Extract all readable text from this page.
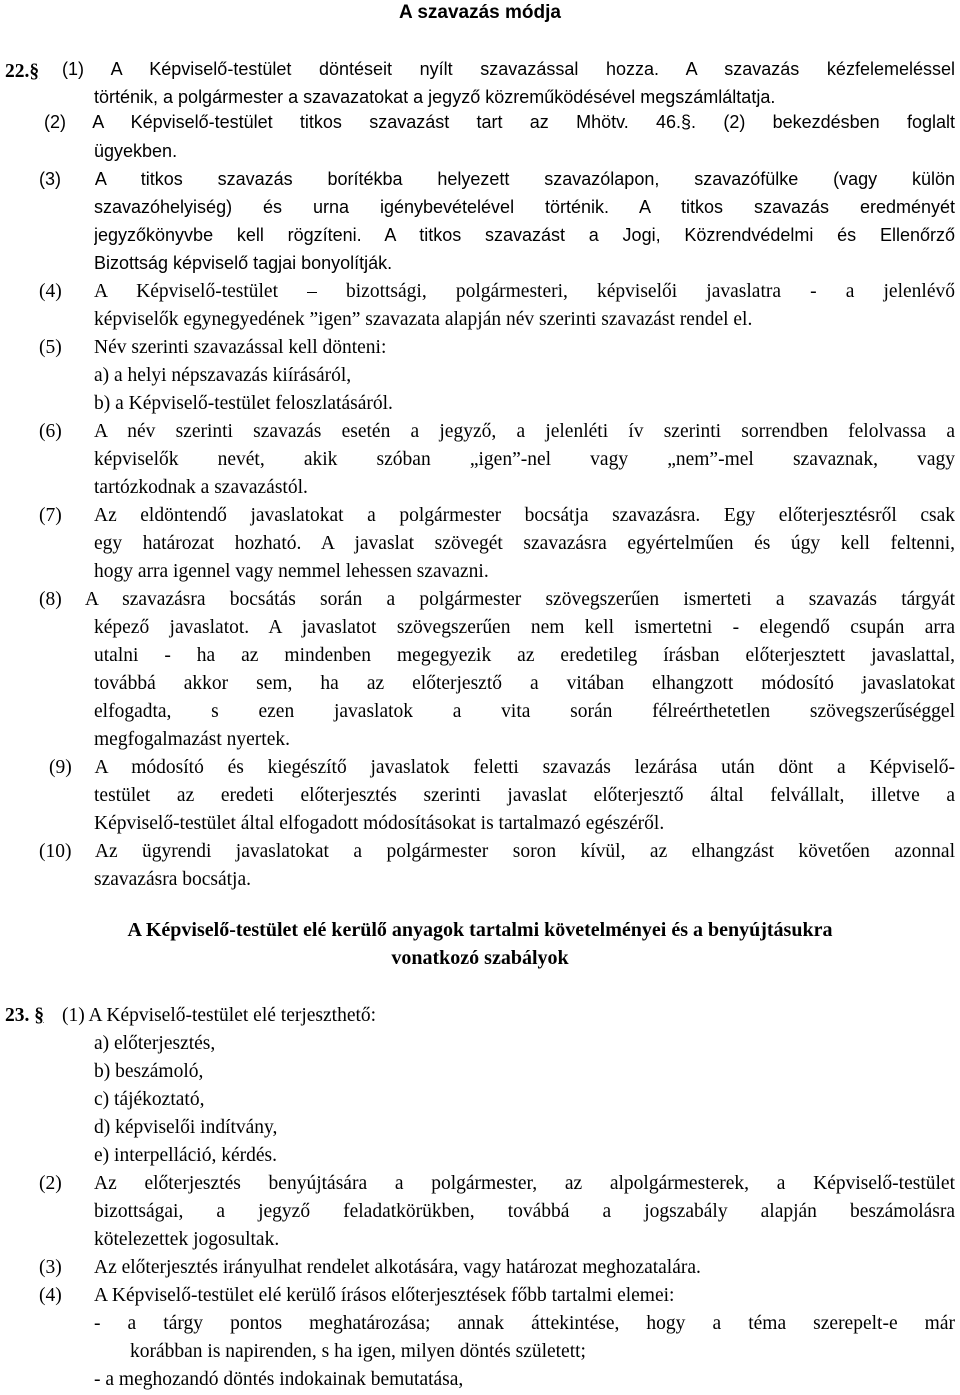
A szavazás módja
22.§ (1) A Képviselő-testület döntéseit nyílt szavazással hozza. A szavazás kézfelemeléssel
történik, a polgármester a szavazatokat a jegyző közreműködésével megszámláltatja.
(2) A Képviselő-testület titkos szavazást tart az Mhötv. 46.§. (2) bekezdésben foglalt
ügyekben.
(3) A titkos szavazás borítékba helyezett szavazólapon, szavazófülke (vagy külön
szavazóhelyiség) és urna igénybevételével történik. A titkos szavazás eredményét
jegyzőkönyvbe kell rögzíteni. A titkos szavazást a Jogi, Közrendvédelmi és Ellenőrző
Bizottság képviselő tagjai bonyolítják.
(4) A Képviselő-testület – bizottsági, polgármesteri, képviselői javaslatra - a jelenlévő
képviselők egynegyedének ”igen” szavazata alapján név szerinti szavazást rendel el.
(5) Név szerinti szavazással kell dönteni:
a) a helyi népszavazás kiírásáról,
b) a Képviselő-testület feloszlatásáról.
(6) A név szerinti szavazás esetén a jegyző, a jelenléti ív szerinti sorrendben felolvassa a
képviselők nevét, akik szóban „igen”-nel vagy „nem”-mel szavaznak, vagy
tartózkodnak a szavazástól.
(7) Az eldöntendő javaslatokat a polgármester bocsátja szavazásra. Egy előterjesztésről csak
egy határozat hozható. A javaslat szövegét szavazásra egyértelműen és úgy kell feltenni,
hogy arra igennel vagy nemmel lehessen szavazni.
(8) A szavazásra bocsátás során a polgármester szövegszerűen ismerteti a szavazás tárgyát
képező javaslatot. A javaslatot szövegszerűen nem kell ismertetni - elegendő csupán arra
utalni - ha az mindenben megegyezik az eredetileg írásban előterjesztett javaslattal,
továbbá akkor sem, ha az előterjesztő a vitában elhangzott módosító javaslatokat
elfogadta, s ezen javaslatok a vita során félreérthetetlen szövegszerűséggel
megfogalmazást nyertek.
(9) A módosító és kiegészítő javaslatok feletti szavazás lezárása után dönt a Képviselő-
testület az eredeti előterjesztés szerinti javaslat előterjesztő által felvállalt, illetve a
Képviselő-testület által elfogadott módosításokat is tartalmazó egészéről.
(10) Az ügyrendi javaslatokat a polgármester soron kívül, az elhangzást követően azonnal
szavazásra bocsátja.
A Képviselő-testület elé kerülő anyagok tartalmi követelményei és a benyújtásukra
vonatkozó szabályok
23. § (1) A Képviselő-testület elé terjeszthető:
a) előterjesztés,
b) beszámoló,
c) tájékoztató,
d) képviselői indítvány,
e) interpelláció, kérdés.
(2) Az előterjesztés benyújtására a polgármester, az alpolgármesterek, a Képviselő-testület
bizottságai, a jegyző feladatkörükben, továbbá a jogszabály alapján beszámolásra
kötelezettek jogosultak.
(3) Az előterjesztés irányulhat rendelet alkotására, vagy határozat meghozatalára.
(4) A Képviselő-testület elé kerülő írásos előterjesztések főbb tartalmi elemei:
- a tárgy pontos meghatározása; annak áttekintése, hogy a téma szerepelt-e már
korábban is napirenden, s ha igen, milyen döntés született;
- a meghozandó döntés indokainak bemutatása,
